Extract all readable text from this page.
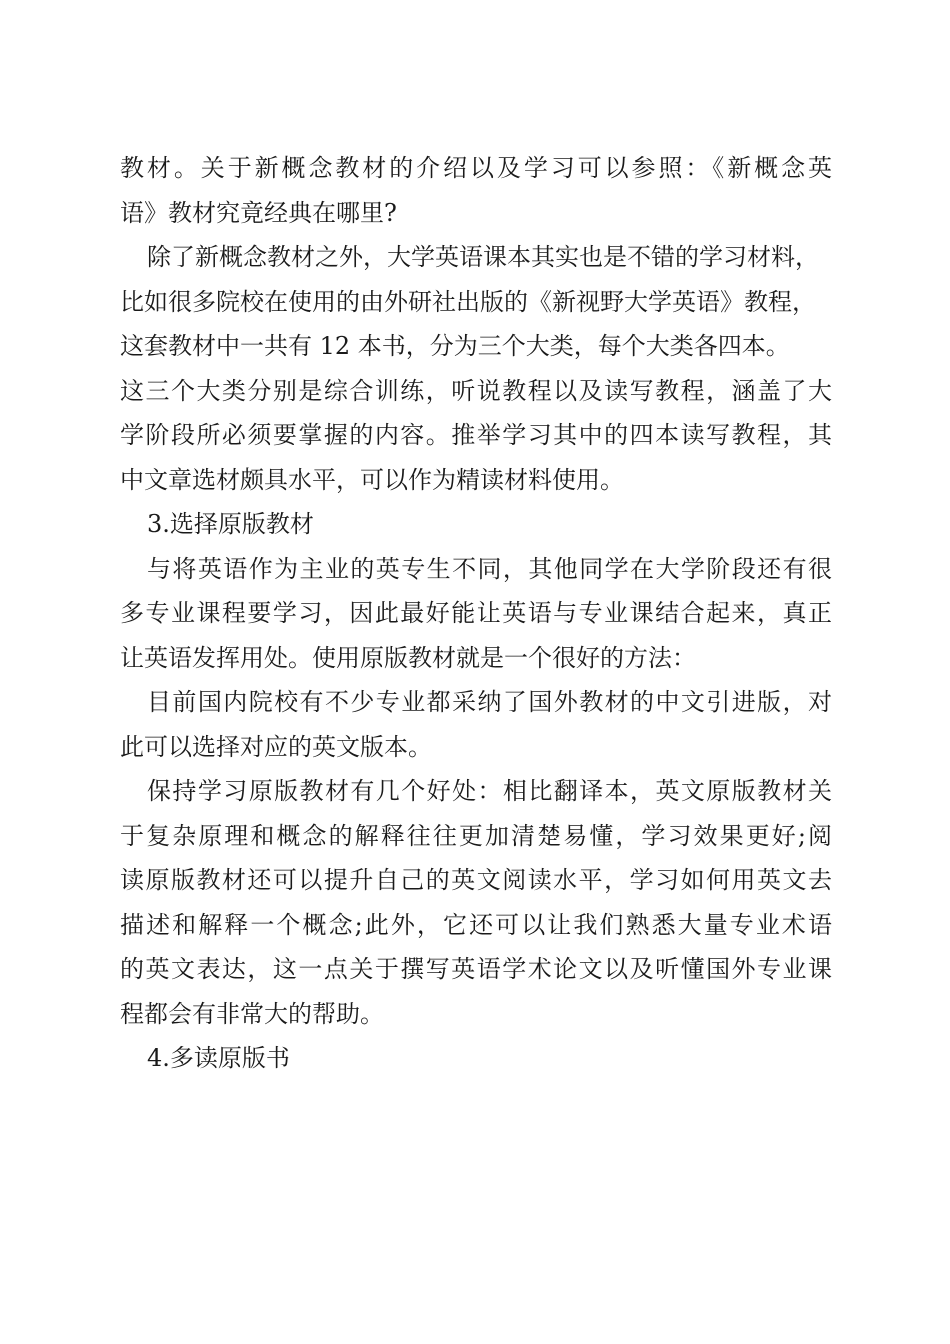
教材。关于新概念教材的介绍以及学习可以参照：《新概念英
语》教材究竟经典在哪里?
除了新概念教材之外，大学英语课本其实也是不错的学习材料，
比如很多院校在使用的由外研社出版的《新视野大学英语》教程，
这套教材中一共有 12 本书，分为三个大类，每个大类各四本。
这三个大类分别是综合训练，听说教程以及读写教程，涵盖了大
学阶段所必须要掌握的内容。推举学习其中的四本读写教程，其
中文章选材颇具水平，可以作为精读材料使用。
3.选择原版教材
与将英语作为主业的英专生不同，其他同学在大学阶段还有很
多专业课程要学习，因此最好能让英语与专业课结合起来，真正
让英语发挥用处。使用原版教材就是一个很好的方法：
目前国内院校有不少专业都采纳了国外教材的中文引进版，对
此可以选择对应的英文版本。
保持学习原版教材有几个好处：相比翻译本，英文原版教材关
于复杂原理和概念的解释往往更加清楚易懂，学习效果更好;阅
读原版教材还可以提升自己的英文阅读水平，学习如何用英文去
描述和解释一个概念;此外，它还可以让我们熟悉大量专业术语
的英文表达，这一点关于撰写英语学术论文以及听懂国外专业课
程都会有非常大的帮助。
4.多读原版书
